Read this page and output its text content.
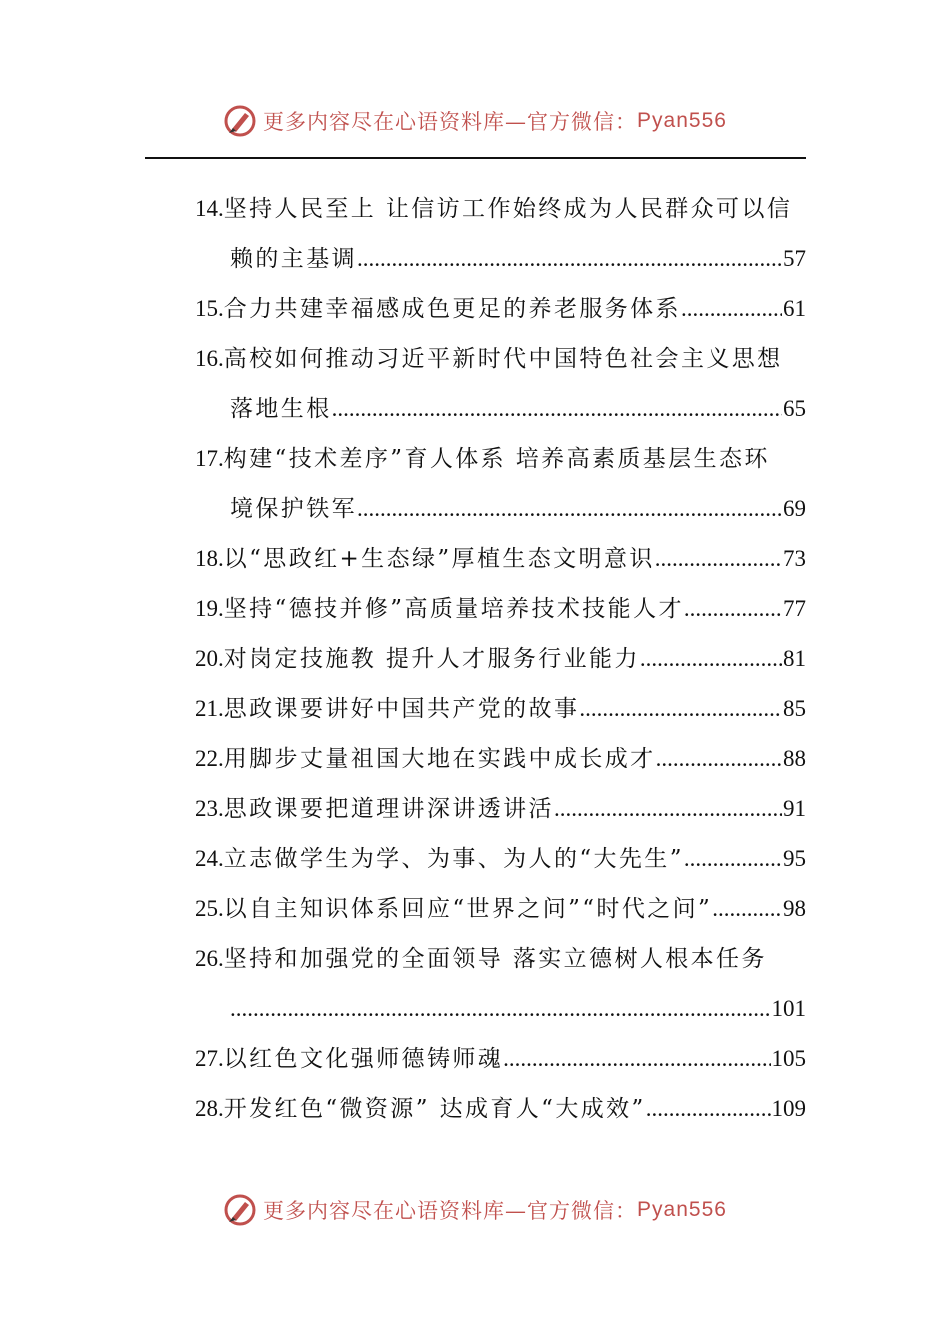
更多内容尽在心语资料库—官方微信： Pyan556
14. 坚持人民至上 让信访工作始终成为人民群众可以信
赖的主基调 .....	57
15. 合力共建幸福感成色更足的养老服务体系 .....	61
16. 高校如何推动习近平新时代中国特色社会主义思想
落地生根 .....	65
17. 构建“技术差序”育人体系 培养高素质基层生态环
境保护铁军 .....	69
18. 以“思政红+生态绿”厚植生态文明意识 .....	73
19. 坚持“德技并修”高质量培养技术技能人才 .....	77
20. 对岗定技施教 提升人才服务行业能力 .....	81
21. 思政课要讲好中国共产党的故事 .....	85
22. 用脚步丈量祖国大地在实践中成长成才 .....	88
23. 思政课要把道理讲深讲透讲活 .....	91
24. 立志做学生为学、为事、为人的“大先生” .....	95
25. 以自主知识体系回应“世界之问”“时代之问” .....	98
26. 坚持和加强党的全面领导 落实立德树人根本任务
.....
101
27. 以红色文化强师德铸师魂 .....	105
28. 开发红色“微资源” 达成育人“大成效” .....	109
更多内容尽在心语资料库—官方微信： Pyan556
